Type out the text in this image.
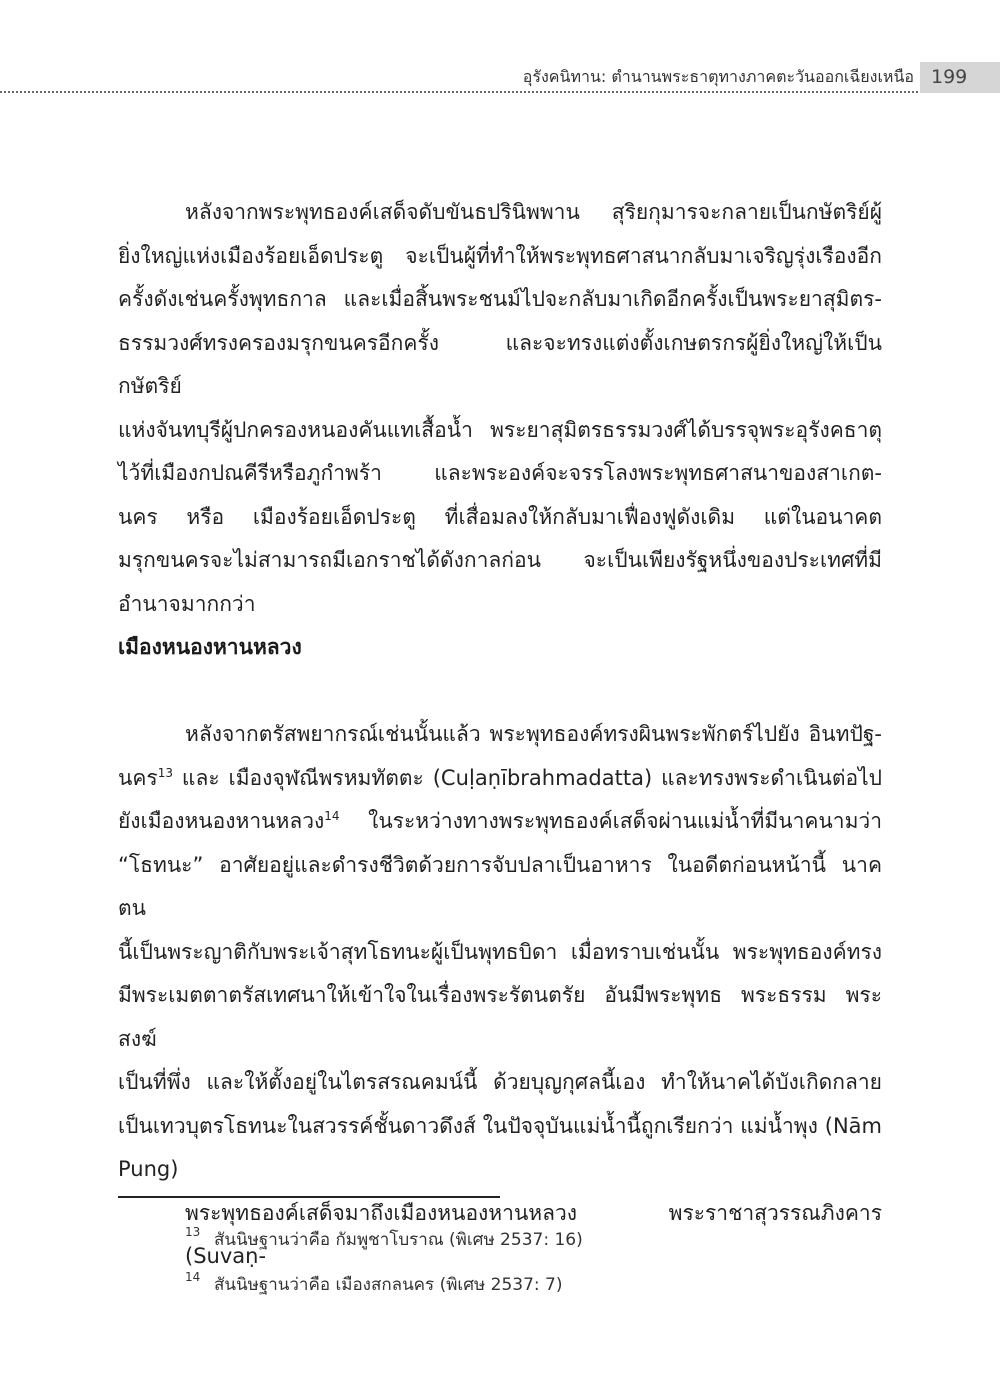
อุรังคนิทาน: ตำนานพระธาตุทางภาคตะวันออกเฉียงเหนือ 199
หลังจากพระพุทธองค์เสด็จดับขันธปรินิพพาน สุริยกุมารจะกลายเป็นกษัตริย์ผู้
ยิ่งใหญ่แห่งเมืองร้อยเอ็ดประตู จะเป็นผู้ที่ทำให้พระพุทธศาสนากลับมาเจริญรุ่งเรืองอีก
ครั้งดังเช่นครั้งพุทธกาล และเมื่อสิ้นพระชนม์ไปจะกลับมาเกิดอีกครั้งเป็นพระยาสุมิตร-
ธรรมวงศ์ทรงครองมรุกขนครอีกครั้ง และจะทรงแต่งตั้งเกษตรกรผู้ยิ่งใหญ่ให้เป็นกษัตริย์
แห่งจันทบุรีผู้ปกครองหนองคันแทเสื้อน้ำ พระยาสุมิตรธรรมวงศ์ได้บรรจุพระอุรังคธาตุ
ไว้ที่เมืองกปณคีรีหรือภูกำพร้า และพระองค์จะจรรโลงพระพุทธศาสนาของสาเกต-
นคร หรือ เมืองร้อยเอ็ดประตู ที่เสื่อมลงให้กลับมาเฟื่องฟูดังเดิม แต่ในอนาคต
มรุกขนครจะไม่สามารถมีเอกราชได้ดังกาลก่อน จะเป็นเพียงรัฐหนึ่งของประเทศที่มี
อำนาจมากกว่า
เมืองหนองหานหลวง
หลังจากตรัสพยากรณ์เช่นนั้นแล้ว พระพุทธองค์ทรงผินพระพักตร์ไปยัง อินทปัฐ-
นคร$^{13}$ และ เมืองจุฬณีพรหมทัตตะ (Cuḷaṇībrahmadatta) และทรงพระดำเนินต่อไป
ยังเมืองหนองหานหลวง$^{14}$ ในระหว่างทางพระพุทธองค์เสด็จผ่านแม่น้ำที่มีนาคนามว่า
“โธทนะ” อาศัยอยู่และดำรงชีวิตด้วยการจับปลาเป็นอาหาร ในอดีตก่อนหน้านี้ นาคตน
นี้เป็นพระญาติกับพระเจ้าสุทโธทนะผู้เป็นพุทธบิดา เมื่อทราบเช่นนั้น พระพุทธองค์ทรง
มีพระเมตตาตรัสเทศนาให้เข้าใจในเรื่องพระรัตนตรัย อันมีพระพุทธ พระธรรม พระสงฆ์
เป็นที่พึ่ง และให้ตั้งอยู่ในไตรสรณคมน์นี้ ด้วยบุญกุศลนี้เอง ทำให้นาคได้บังเกิดกลาย
เป็นเทวบุตรโธทนะในสวรรค์ชั้นดาวดึงส์ ในปัจจุบันแม่น้ำนี้ถูกเรียกว่า แม่น้ำพุง (Nām
Pung)
พระพุทธองค์เสด็จมาถึงเมืองหนองหานหลวง พระราชาสุวรรณภิงคาร (Suvaṇ-
13 สันนิษฐานว่าคือ กัมพูชาโบราณ (พิเศษ 2537: 16)
14 สันนิษฐานว่าคือ เมืองสกลนคร (พิเศษ 2537: 7)
